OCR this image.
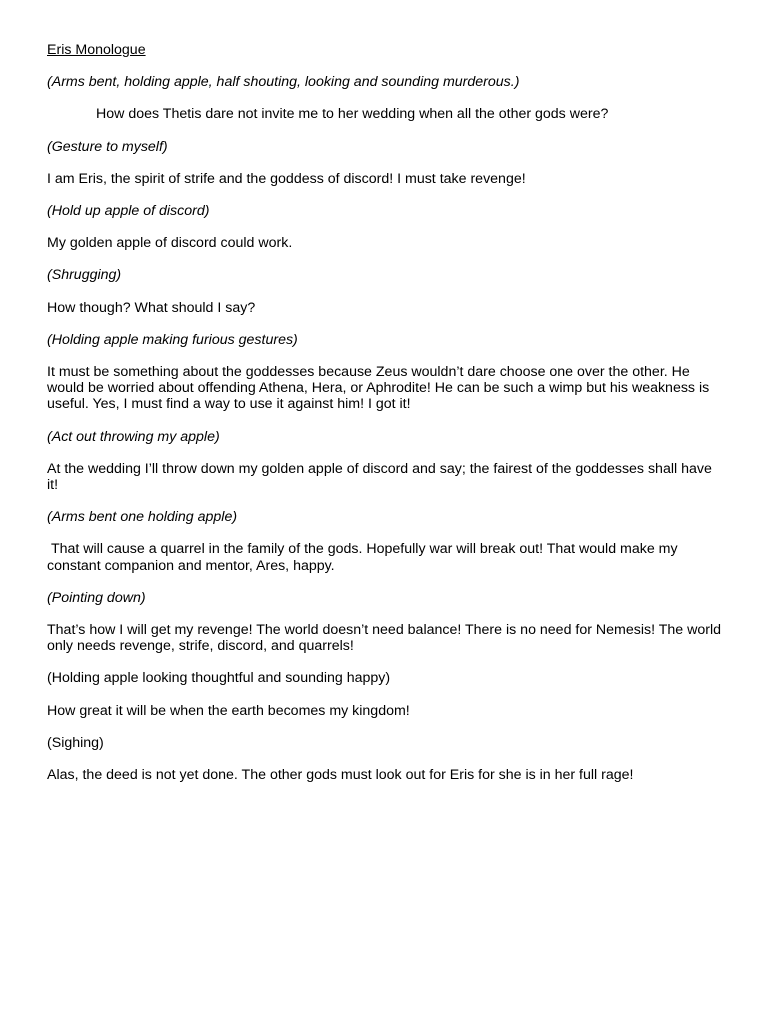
Eris Monologue

(Arms bent, holding apple, half shouting, looking and sounding murderous.)

How does Thetis dare not invite me to her wedding when all the other gods were?

(Gesture to myself)

I am Eris, the spirit of strife and the goddess of discord! I must take revenge!

(Hold up apple of discord)

My golden apple of discord could work.

(Shrugging)

How though? What should I say?

(Holding apple making furious gestures)

It must be something about the goddesses because Zeus wouldn’t dare choose one over the other. He would be worried about offending Athena, Hera, or Aphrodite! He can be such a wimp but his weakness is useful. Yes, I must find a way to use it against him! I got it!

(Act out throwing my apple)

At the wedding I’ll throw down my golden apple of discord and say; the fairest of the goddesses shall have it!

(Arms bent one holding apple)

That will cause a quarrel in the family of the gods. Hopefully war will break out! That would make my constant companion and mentor, Ares, happy.

(Pointing down)

That’s how I will get my revenge! The world doesn’t need balance! There is no need for Nemesis! The world only needs revenge, strife, discord, and quarrels!

(Holding apple looking thoughtful and sounding happy)

How great it will be when the earth becomes my kingdom!

(Sighing)

Alas, the deed is not yet done. The other gods must look out for Eris for she is in her full rage!
